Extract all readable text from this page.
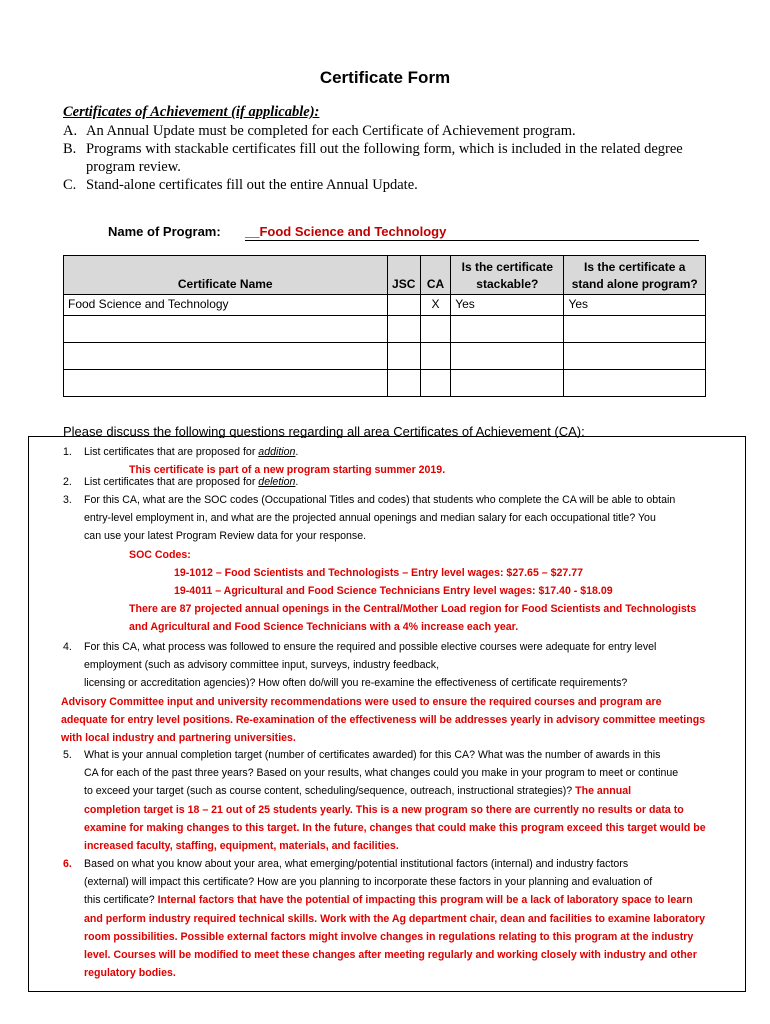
Certificate Form
Certificates of Achievement (if applicable):
A. An Annual Update must be completed for each Certificate of Achievement program.
B. Programs with stackable certificates fill out the following form, which is included in the related degree program review.
C. Stand-alone certificates fill out the entire Annual Update.
Name of Program: __Food Science and Technology
Certificate Name	JSC	CA	Is the certificate stackable?	Is the certificate a stand alone program?
Food Science and Technology		X	Yes	Yes

Please discuss the following questions regarding all area Certificates of Achievement (CA):
1. List certificates that are proposed for addition.
This certificate is part of a new program starting summer 2019.
2. List certificates that are proposed for deletion.
3. For this CA, what are the SOC codes (Occupational Titles and codes) that students who complete the CA will be able to obtain
entry-level employment in, and what are the projected annual openings and median salary for each occupational title? You
can use your latest Program Review data for your response.
SOC Codes:
19-1012 – Food Scientists and Technologists – Entry level wages: $27.65 – $27.77
19-4011 – Agricultural and Food Science Technicians Entry level wages: $17.40 - $18.09
There are 87 projected annual openings in the Central/Mother Load region for Food Scientists and Technologists
and Agricultural and Food Science Technicians with a 4% increase each year.
4. For this CA, what process was followed to ensure the required and possible elective courses were adequate for entry level
employment (such as advisory committee input, surveys, industry feedback,
licensing or accreditation agencies)? How often do/will you re-examine the effectiveness of certificate requirements?
Advisory Committee input and university recommendations were used to ensure the required courses and program are
adequate for entry level positions. Re-examination of the effectiveness will be addresses yearly in advisory committee meetings
with local industry and partnering universities.
5. What is your annual completion target (number of certificates awarded) for this CA? What was the number of awards in this
CA for each of the past three years? Based on your results, what changes could you make in your program to meet or continue
to exceed your target (such as course content, scheduling/sequence, outreach, instructional strategies)? The annual
completion target is 18 – 21 out of 25 students yearly. This is a new program so there are currently no results or data to
examine for making changes to this target. In the future, changes that could make this program exceed this target would be
increased faculty, staffing, equipment, materials, and facilities.
6. Based on what you know about your area, what emerging/potential institutional factors (internal) and industry factors
(external) will impact this certificate? How are you planning to incorporate these factors in your planning and evaluation of
this certificate? Internal factors that have the potential of impacting this program will be a lack of laboratory space to learn
and perform industry required technical skills. Work with the Ag department chair, dean and facilities to examine laboratory
room possibilities. Possible external factors might involve changes in regulations relating to this program at the industry
level. Courses will be modified to meet these changes after meeting regularly and working closely with industry and other
regulatory bodies.
